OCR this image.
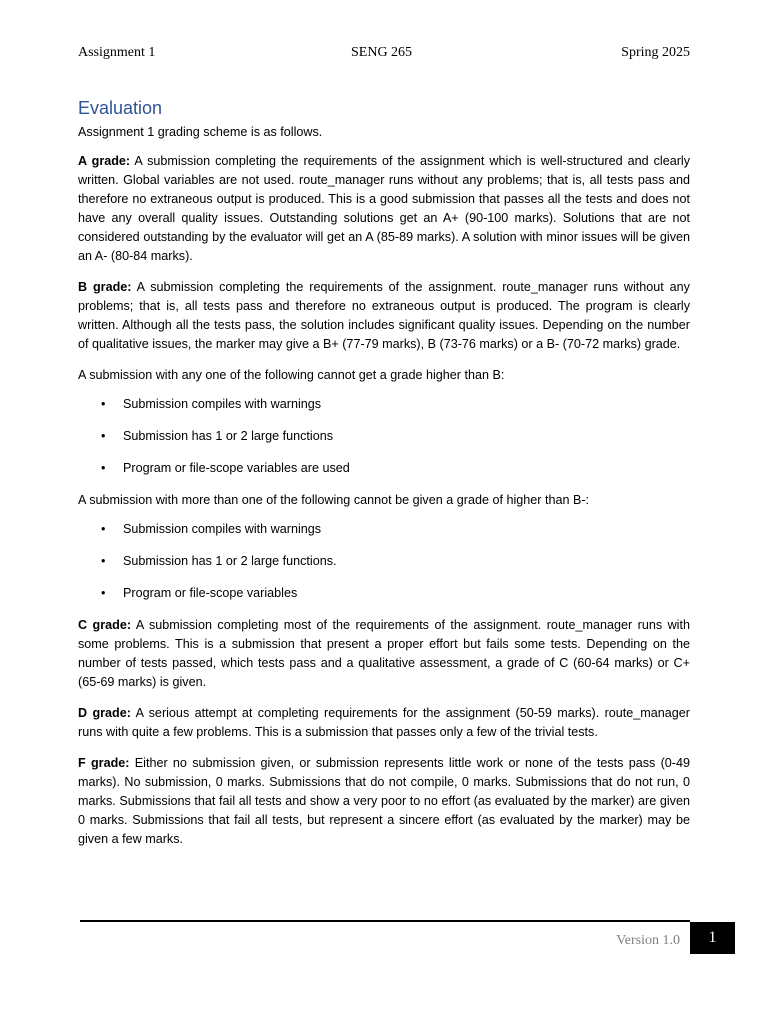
Assignment 1	SENG 265	Spring 2025
Evaluation

Assignment 1 grading scheme is as follows.

A grade: A submission completing the requirements of the assignment which is well-structured and clearly written. Global variables are not used. route_manager runs without any problems; that is, all tests pass and therefore no extraneous output is produced. This is a good submission that passes all the tests and does not have any overall quality issues. Outstanding solutions get an A+ (90-100 marks). Solutions that are not considered outstanding by the evaluator will get an A (85-89 marks). A solution with minor issues will be given an A- (80-84 marks).

B grade: A submission completing the requirements of the assignment. route_manager runs without any problems; that is, all tests pass and therefore no extraneous output is produced. The program is clearly written. Although all the tests pass, the solution includes significant quality issues. Depending on the number of qualitative issues, the marker may give a B+ (77-79 marks), B (73-76 marks) or a B- (70-72 marks) grade.

A submission with any one of the following cannot get a grade higher than B:

• Submission compiles with warnings
• Submission has 1 or 2 large functions
• Program or file-scope variables are used

A submission with more than one of the following cannot be given a grade of higher than B-:

• Submission compiles with warnings
• Submission has 1 or 2 large functions.
• Program or file-scope variables

C grade: A submission completing most of the requirements of the assignment. route_manager runs with some problems. This is a submission that present a proper effort but fails some tests. Depending on the number of tests passed, which tests pass and a qualitative assessment, a grade of C (60-64 marks) or C+ (65-69 marks) is given.

D grade: A serious attempt at completing requirements for the assignment (50-59 marks). route_manager runs with quite a few problems. This is a submission that passes only a few of the trivial tests.

F grade: Either no submission given, or submission represents little work or none of the tests pass (0-49 marks). No submission, 0 marks. Submissions that do not compile, 0 marks. Submissions that do not run, 0 marks. Submissions that fail all tests and show a very poor to no effort (as evaluated by the marker) are given 0 marks. Submissions that fail all tests, but represent a sincere effort (as evaluated by the marker) may be given a few marks.

Version 1.0	1
